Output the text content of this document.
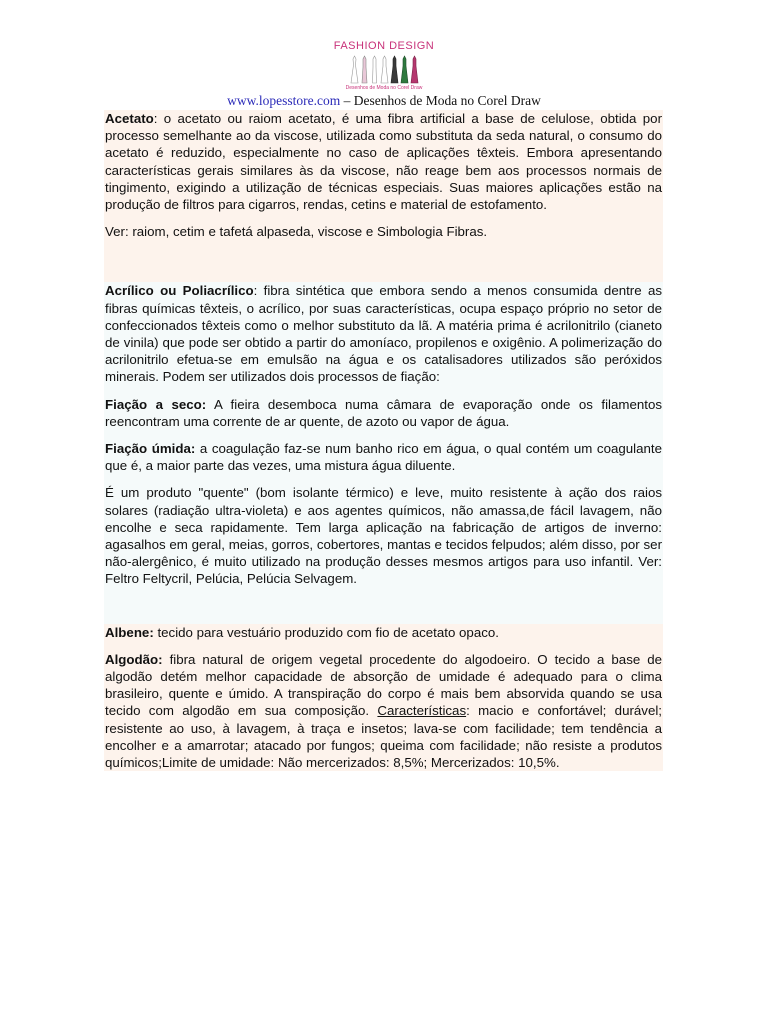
FASHION DESIGN
Desenhos de Moda no Corel Draw
www.lopesstore.com – Desenhos de Moda no Corel Draw

Acetato: o acetato ou raiom acetato, é uma fibra artificial a base de celulose, obtida por processo semelhante ao da viscose, utilizada como substituta da seda natural, o consumo do acetato é reduzido, especialmente no caso de aplicações têxteis. Embora apresentando características gerais similares às da viscose, não reage bem aos processos normais de tingimento, exigindo a utilização de técnicas especiais. Suas maiores aplicações estão na produção de filtros para cigarros, rendas, cetins e material de estofamento.

Ver: raiom, cetim e tafetá alpaseda, viscose e Simbologia Fibras.

Acrílico ou Poliacrílico: fibra sintética que embora sendo a menos consumida dentre as fibras químicas têxteis, o acrílico, por suas características, ocupa espaço próprio no setor de confeccionados têxteis como o melhor substituto da lã. A matéria prima é acrilonitrilo (cianeto de vinila) que pode ser obtido a partir do amoníaco, propilenos e oxigênio. A polimerização do acrilonitrilo efetua-se em emulsão na água e os catalisadores utilizados são peróxidos minerais. Podem ser utilizados dois processos de fiação:

Fiação a seco: A fieira desemboca numa câmara de evaporação onde os filamentos reencontram uma corrente de ar quente, de azoto ou vapor de água.

Fiação úmida: a coagulação faz-se num banho rico em água, o qual contém um coagulante que é, a maior parte das vezes, uma mistura água diluente.

É um produto "quente" (bom isolante térmico) e leve, muito resistente à ação dos raios solares (radiação ultra-violeta) e aos agentes químicos, não amassa,de fácil lavagem, não encolhe e seca rapidamente. Tem larga aplicação na fabricação de artigos de inverno: agasalhos em geral, meias, gorros, cobertores, mantas e tecidos felpudos; além disso, por ser não-alergênico, é muito utilizado na produção desses mesmos artigos para uso infantil. Ver: Feltro Feltycril, Pelúcia, Pelúcia Selvagem.

Albene: tecido para vestuário produzido com fio de acetato opaco.

Algodão: fibra natural de origem vegetal procedente do algodoeiro. O tecido a base de algodão detém melhor capacidade de absorção de umidade é adequado para o clima brasileiro, quente e úmido. A transpiração do corpo é mais bem absorvida quando se usa tecido com algodão em sua composição. Características: macio e confortável; durável; resistente ao uso, à lavagem, à traça e insetos; lava-se com facilidade; tem tendência a encolher e a amarrotar; atacado por fungos; queima com facilidade; não resiste a produtos químicos;Limite de umidade: Não mercerizados: 8,5%; Mercerizados: 10,5%.
